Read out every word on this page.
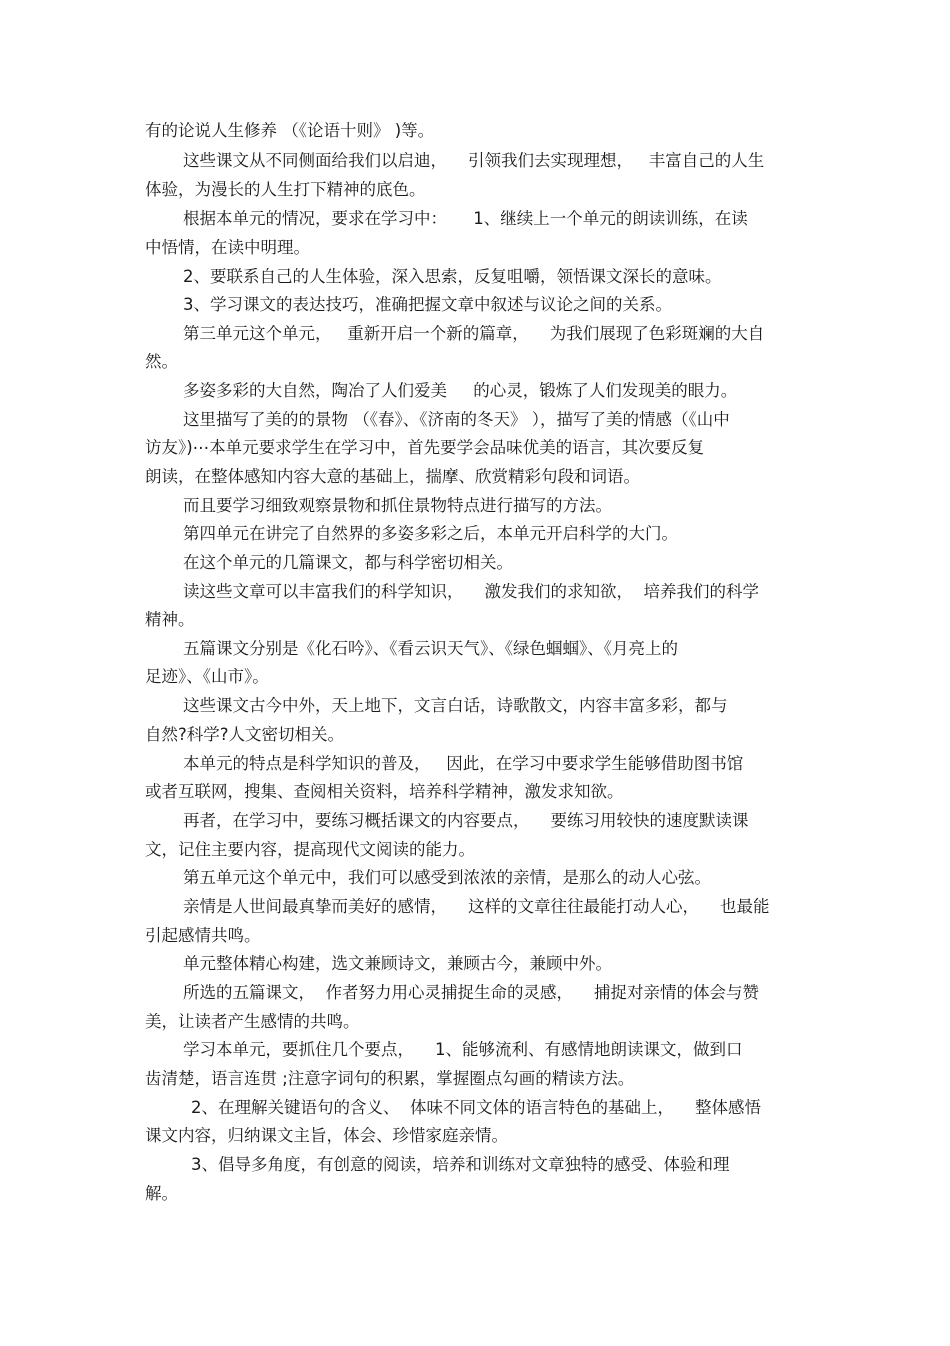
有的论说人生修养 （《论语十则》 )等。
这些课文从不同侧面给我们以启迪，    引领我们去实现理想，   丰富自己的人生
体验，为漫长的人生打下精神的底色。
根据本单元的情况，要求在学习中：     1、继续上一个单元的朗读训练，在读
中悟情，在读中明理。
2、要联系自己的人生体验，深入思索，反复咀嚼，领悟课文深长的意味。
3、学习课文的表达技巧，准确把握文章中叙述与议论之间的关系。
第三单元这个单元，   重新开启一个新的篇章，    为我们展现了色彩斑斓的大自
然。
多姿多彩的大自然，陶冶了人们爱美     的心灵，锻炼了人们发现美的眼力。
这里描写了美的的景物 （《春》、《济南的冬天》 ），描写了美的情感（《山中
访友》)⋯本单元要求学生在学习中，首先要学会品味优美的语言，其次要反复
朗读，在整体感知内容大意的基础上，揣摩、欣赏精彩句段和词语。
而且要学习细致观察景物和抓住景物特点进行描写的方法。
第四单元在讲完了自然界的多姿多彩之后，本单元开启科学的大门。
在这个单元的几篇课文，都与科学密切相关。
读这些文章可以丰富我们的科学知识，    激发我们的求知欲，  培养我们的科学
精神。
五篇课文分别是《化石吟》、《看云识天气》、《绿色蝈蝈》、《月亮上的
足迹》、《山市》。
这些课文古今中外，天上地下，文言白话，诗歌散文，内容丰富多彩，都与
自然?科学?人文密切相关。
本单元的特点是科学知识的普及，   因此，在学习中要求学生能够借助图书馆
或者互联网，搜集、查阅相关资料，培养科学精神，激发求知欲。
再者，在学习中，要练习概括课文的内容要点，    要练习用较快的速度默读课
文，记住主要内容，提高现代文阅读的能力。
第五单元这个单元中，我们可以感受到浓浓的亲情，是那么的动人心弦。
亲情是人世间最真挚而美好的感情，    这样的文章往往最能打动人心，    也最能
引起感情共鸣。
单元整体精心构建，选文兼顾诗文，兼顾古今，兼顾中外。
所选的五篇课文，  作者努力用心灵捕捉生命的灵感，    捕捉对亲情的体会与赞
美，让读者产生感情的共鸣。
学习本单元，要抓住几个要点，    1、能够流利、有感情地朗读课文，做到口
齿清楚，语言连贯 ;注意字词句的积累，掌握圈点勾画的精读方法。
2、在理解关键语句的含义、  体味不同文体的语言特色的基础上，    整体感悟
课文内容，归纳课文主旨，体会、珍惜家庭亲情。
3、倡导多角度，有创意的阅读，培养和训练对文章独特的感受、体验和理
解。
